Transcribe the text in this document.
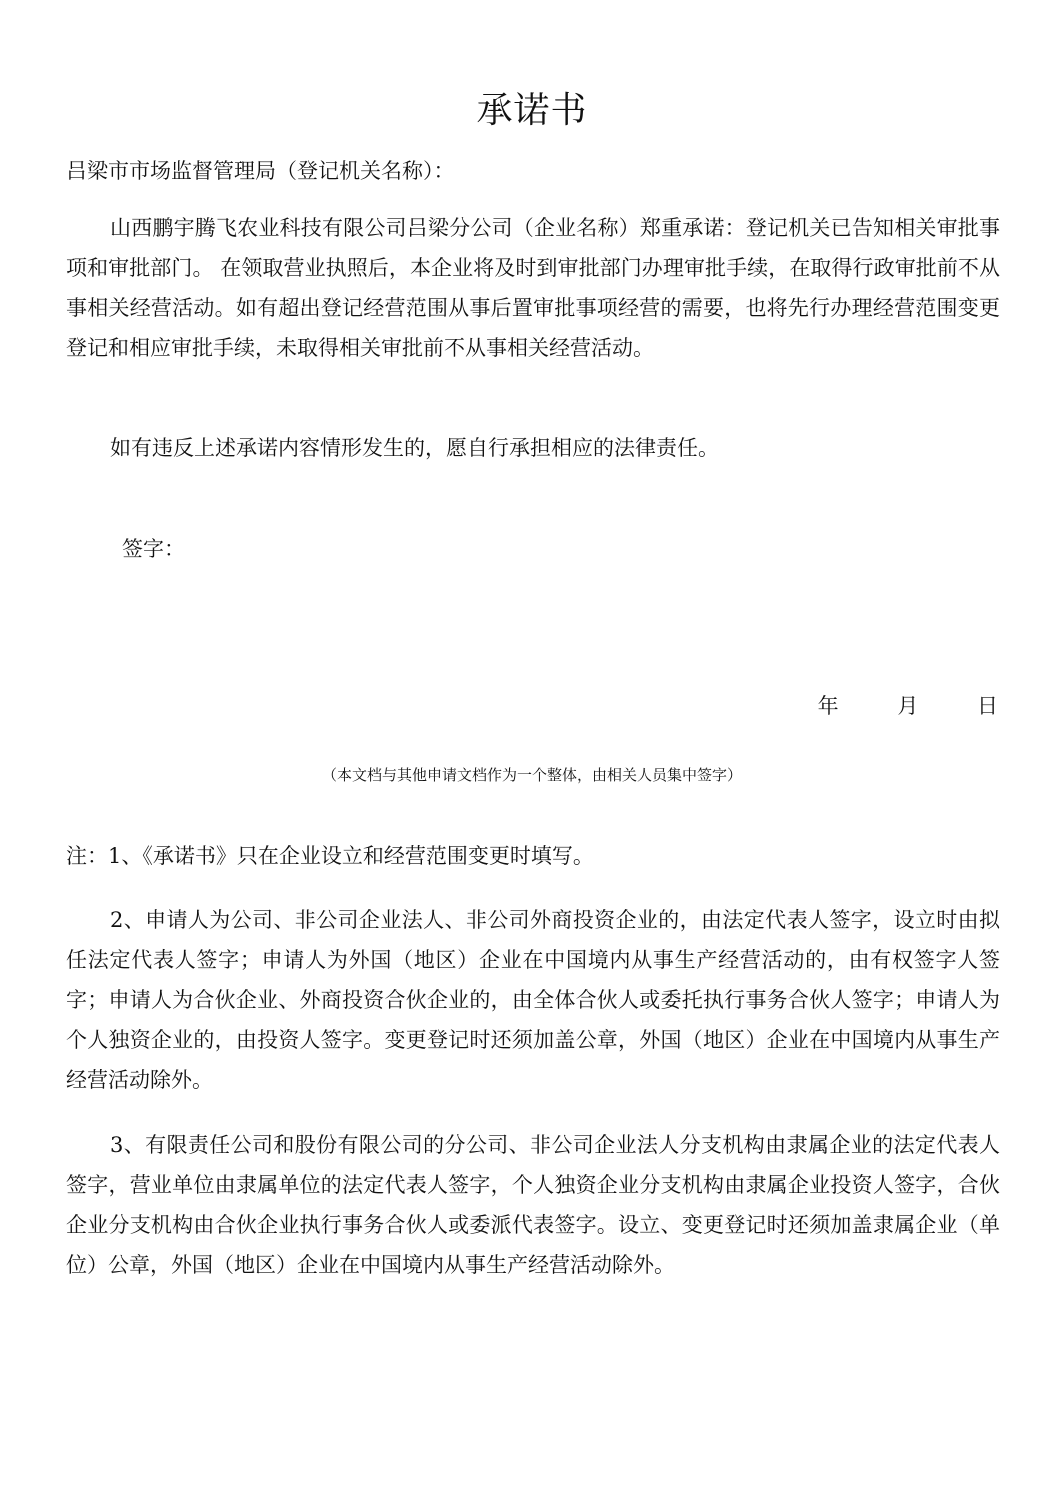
承诺书
吕梁市市场监督管理局（登记机关名称）：
山西鹏宇腾飞农业科技有限公司吕梁分公司（企业名称）郑重承诺：登记机关已告知相关审批事项和审批部门。 在领取营业执照后，本企业将及时到审批部门办理审批手续，在取得行政审批前不从事相关经营活动。如有超出登记经营范围从事后置审批事项经营的需要，也将先行办理经营范围变更登记和相应审批手续，未取得相关审批前不从事相关经营活动。
如有违反上述承诺内容情形发生的，愿自行承担相应的法律责任。
签字：
年	月	日
（本文档与其他申请文档作为一个整体，由相关人员集中签字）
注：1、《承诺书》只在企业设立和经营范围变更时填写。
2、申请人为公司、非公司企业法人、非公司外商投资企业的，由法定代表人签字，设立时由拟任法定代表人签字；申请人为外国（地区）企业在中国境内从事生产经营活动的，由有权签字人签字；申请人为合伙企业、外商投资合伙企业的，由全体合伙人或委托执行事务合伙人签字；申请人为个人独资企业的，由投资人签字。变更登记时还须加盖公章，外国（地区）企业在中国境内从事生产经营活动除外。
3、有限责任公司和股份有限公司的分公司、非公司企业法人分支机构由隶属企业的法定代表人签字，营业单位由隶属单位的法定代表人签字，个人独资企业分支机构由隶属企业投资人签字，合伙企业分支机构由合伙企业执行事务合伙人或委派代表签字。设立、变更登记时还须加盖隶属企业（单位）公章，外国（地区）企业在中国境内从事生产经营活动除外。
